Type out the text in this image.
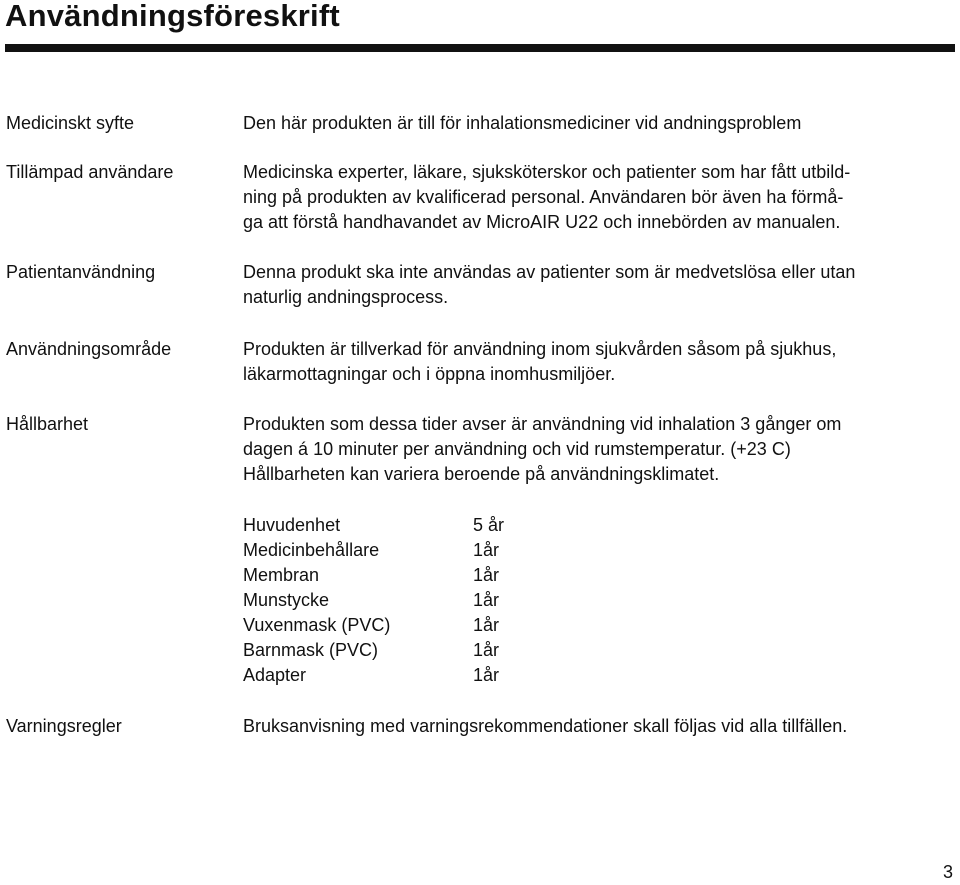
Användningsföreskrift
Medicinskt syfte	Den här produkten är till för inhalationsmediciner vid andningsproblem
Tillämpad användare	Medicinska experter, läkare, sjuksköterskor och patienter som har fått utbild-
ning på produkten av kvalificerad personal. Användaren bör även ha förmå-
ga att förstå handhavandet av MicroAIR U22 och innebörden av manualen.
Patientanvändning	Denna produkt ska inte användas av patienter som är medvetslösa eller utan
naturlig andningsprocess.
Användningsområde	Produkten är tillverkad för användning inom sjukvården såsom på sjukhus,
läkarmottagningar och i öppna inomhusmiljöer.
Hållbarhet	Produkten som dessa tider avser är användning vid inhalation 3 gånger om
dagen á 10 minuter per användning och vid rumstemperatur. (+23 C)
Hållbarheten kan variera beroende på användningsklimatet.
Huvudenhet	5 år
Medicinbehållare	1år
Membran	1år
Munstycke	1år
Vuxenmask (PVC)	1år
Barnmask (PVC)	1år
Adapter	1år
Varningsregler	Bruksanvisning med varningsrekommendationer skall följas vid alla tillfällen.
3
